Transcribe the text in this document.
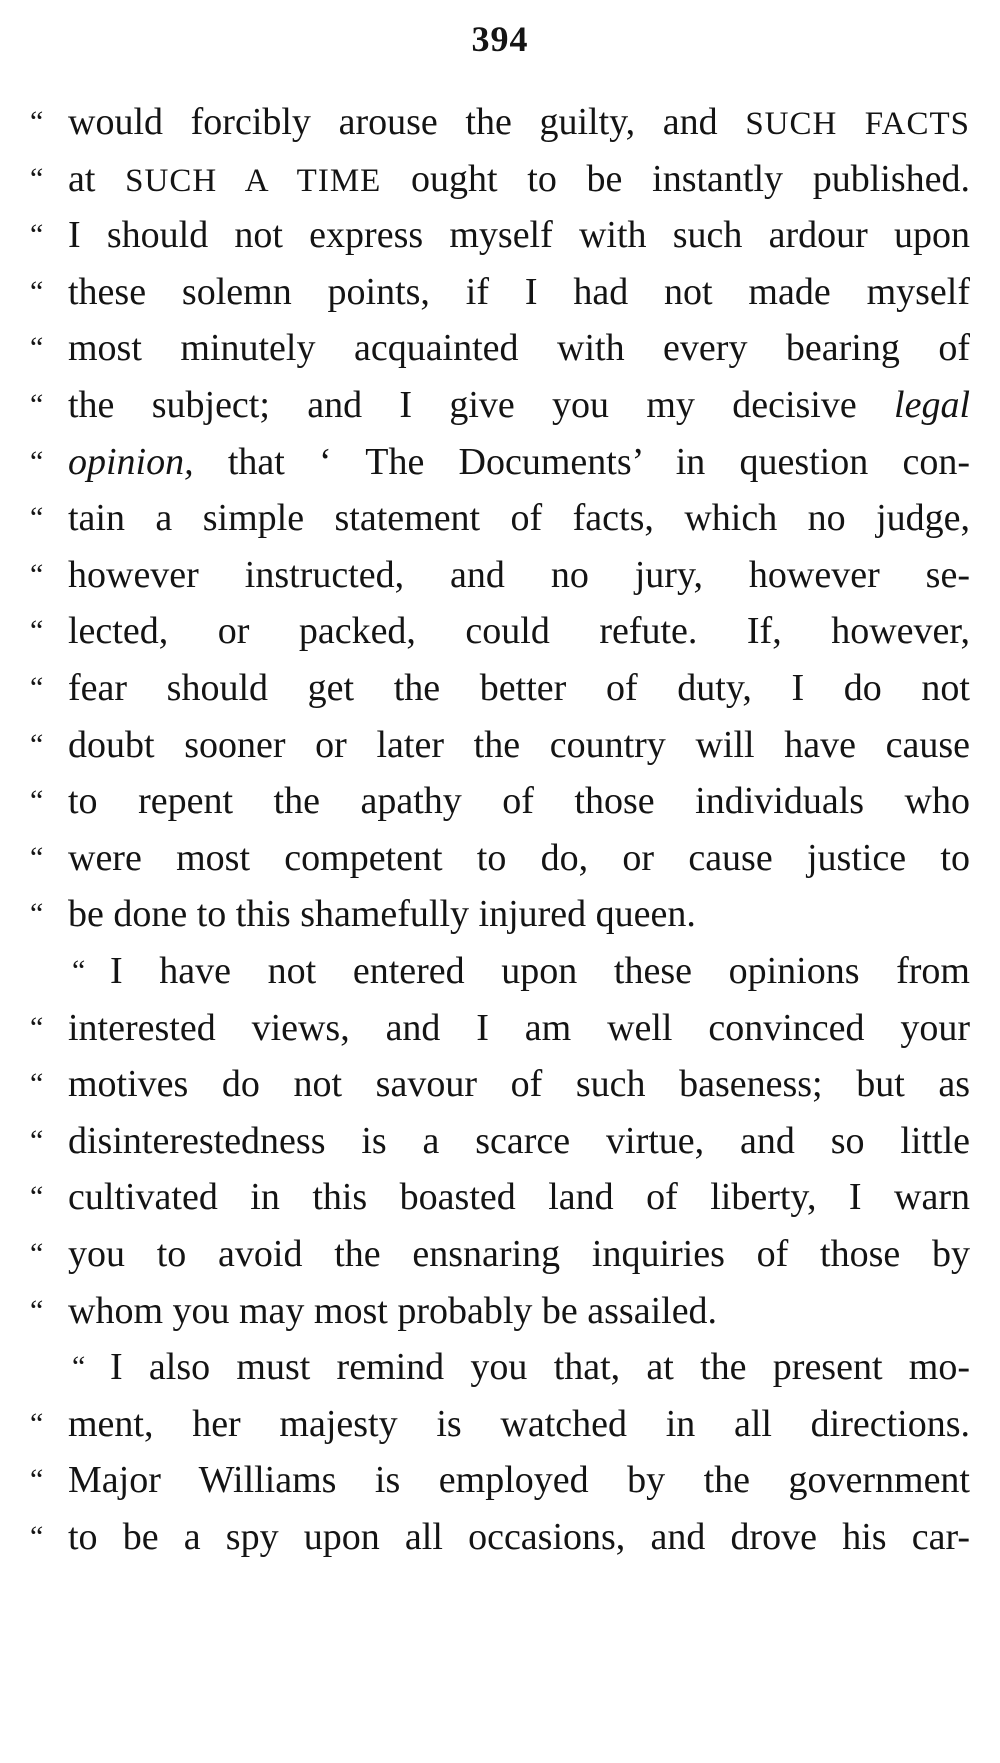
394
“ would forcibly arouse the guilty, and SUCH FACTS
“ at SUCH A TIME ought to be instantly published.
“ I should not express myself with such ardour upon
“ these solemn points, if I had not made myself
“ most minutely acquainted with every bearing of
“ the subject; and I give you my decisive legal
“ opinion, that ‘ The Documents’ in question con-
“ tain a simple statement of facts, which no judge,
“ however instructed, and no jury, however se-
“ lected, or packed, could refute. If, however,
“ fear should get the better of duty, I do not
“ doubt sooner or later the country will have cause
“ to repent the apathy of those individuals who
“ were most competent to do, or cause justice to
“ be done to this shamefully injured queen.
“ I have not entered upon these opinions from
“ interested views, and I am well convinced your
“ motives do not savour of such baseness; but as
“ disinterestedness is a scarce virtue, and so little
“ cultivated in this boasted land of liberty, I warn
“ you to avoid the ensnaring inquiries of those by
“ whom you may most probably be assailed.
“ I also must remind you that, at the present mo-
“ ment, her majesty is watched in all directions.
“ Major Williams is employed by the government
“ to be a spy upon all occasions, and drove his car-
